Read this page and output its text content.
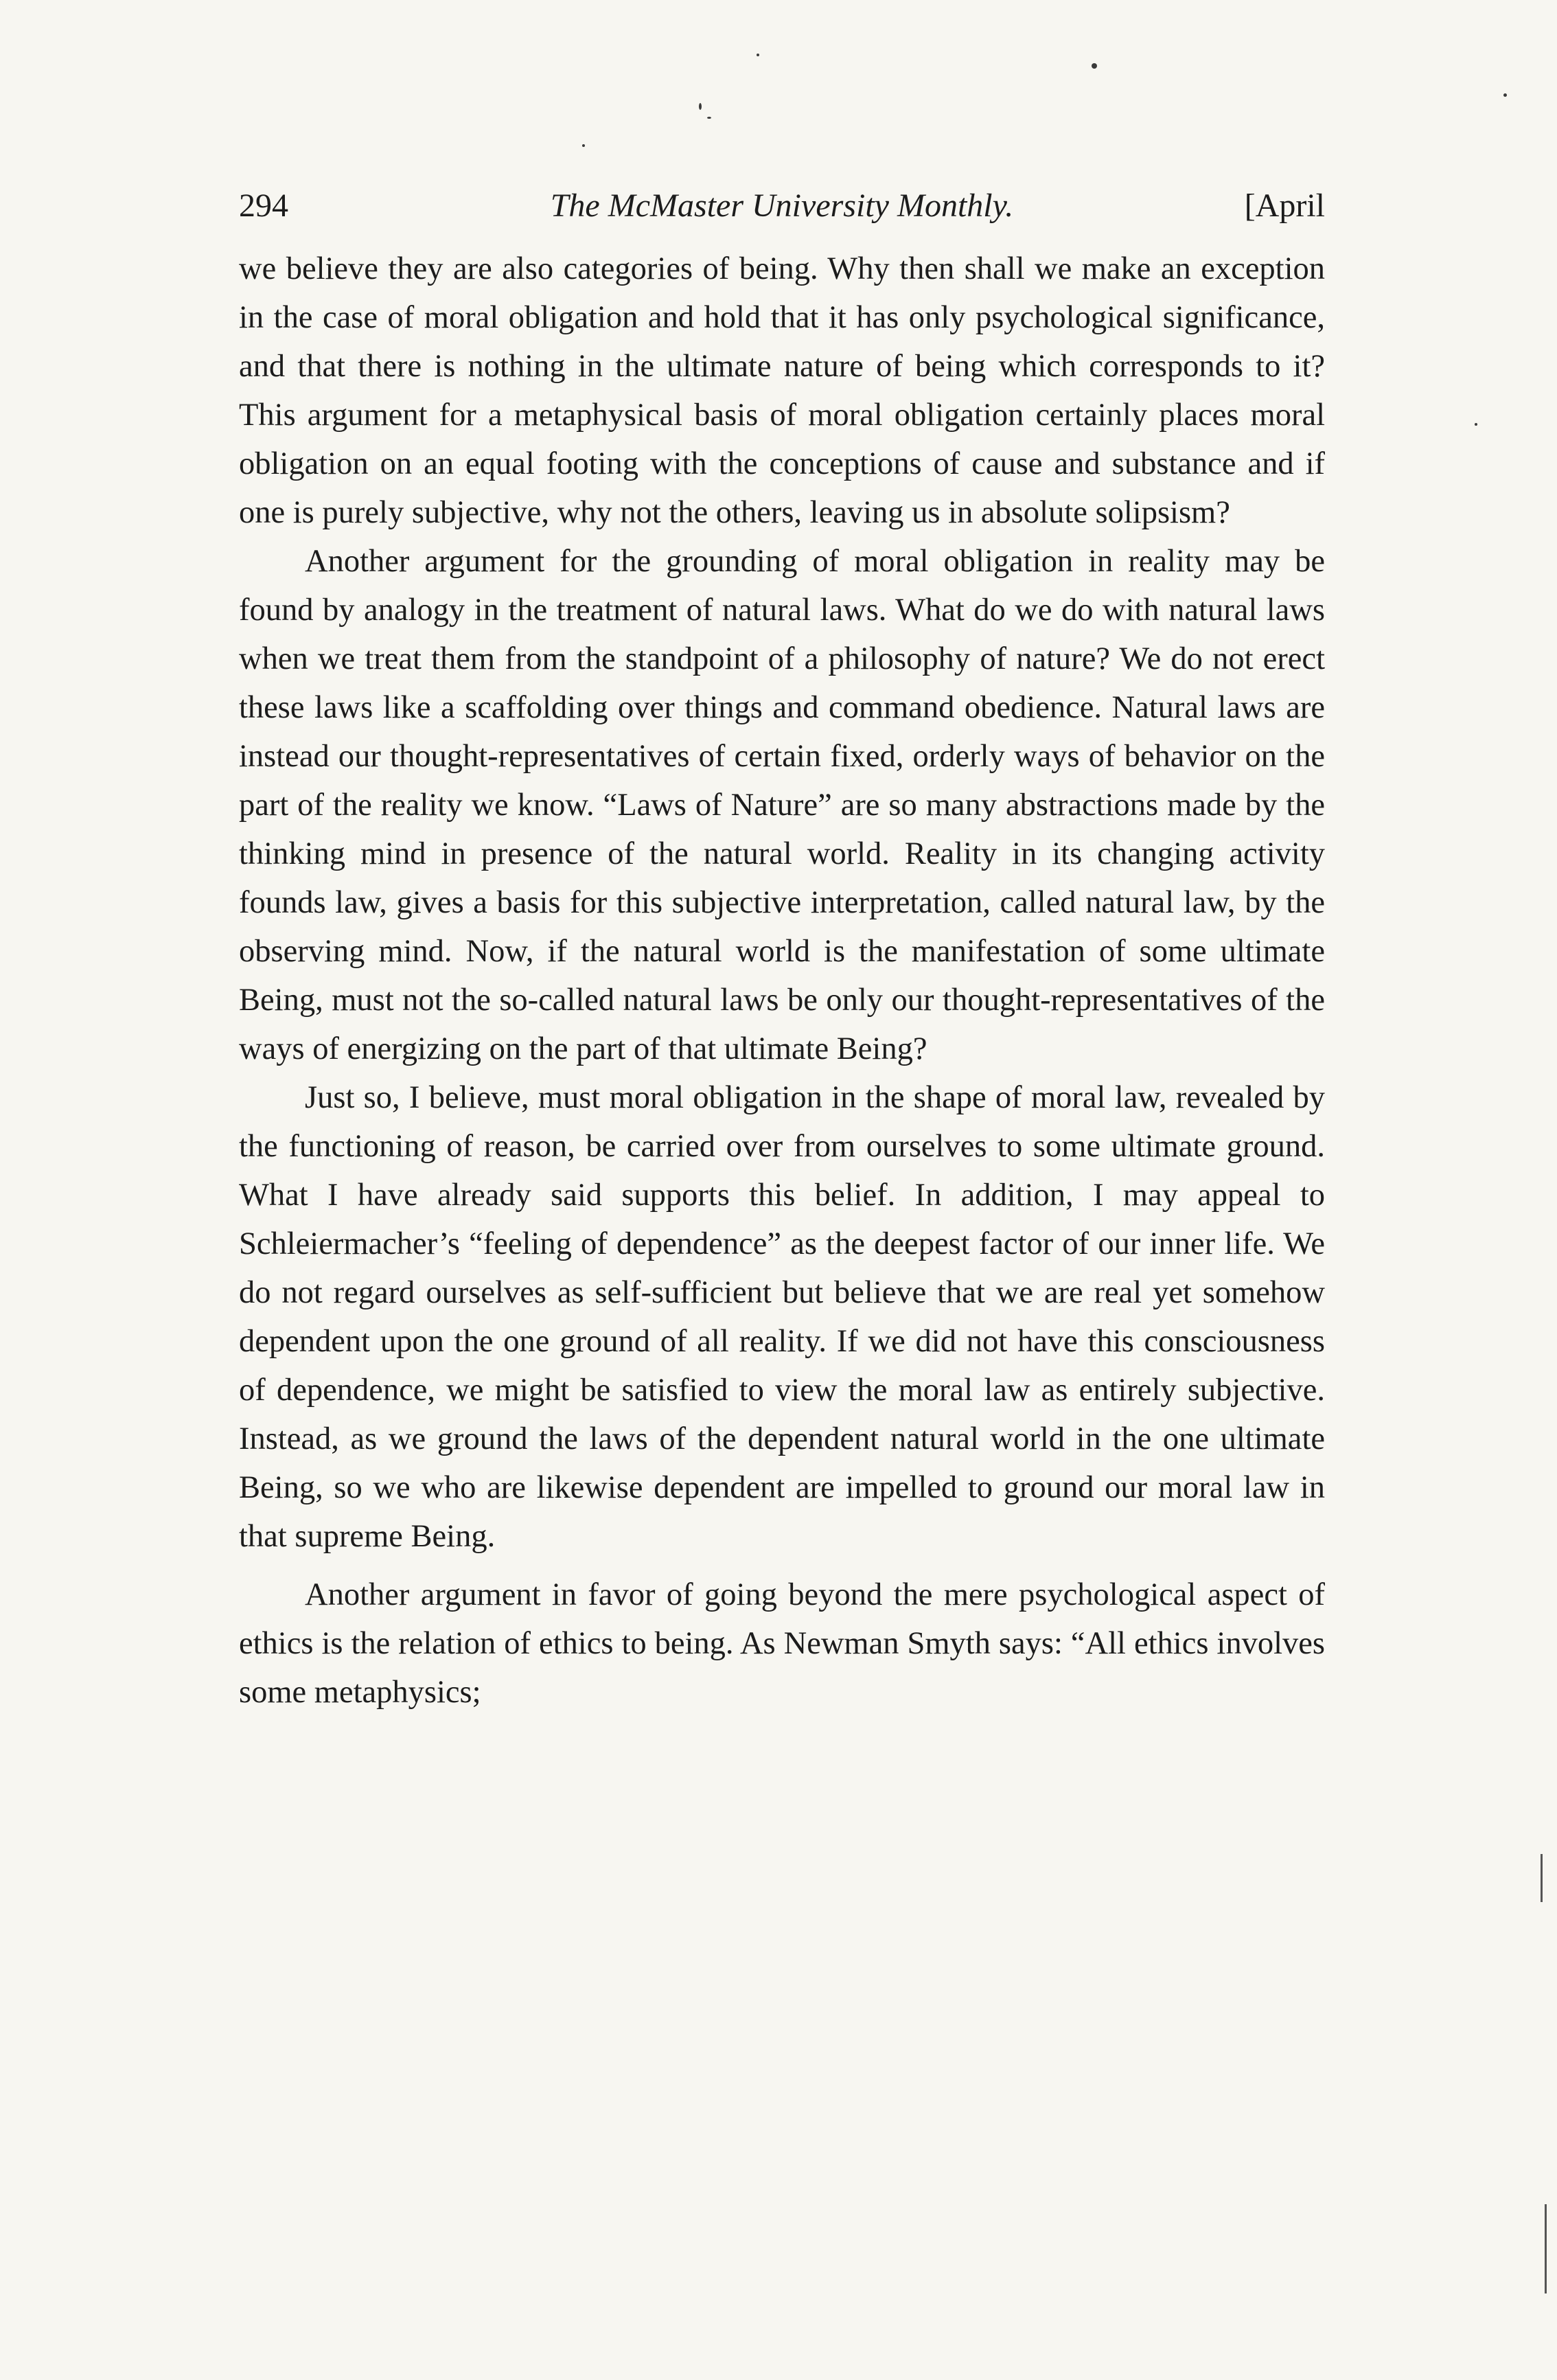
294	The McMaster University Monthly.	[April

we believe they are also categories of being. Why then shall we make an exception in the case of moral obligation and hold that it has only psychological significance, and that there is nothing in the ultimate nature of being which corresponds to it? This argument for a metaphysical basis of moral obligation certainly places moral obligation on an equal footing with the conceptions of cause and substance and if one is purely subjective, why not the others, leaving us in absolute solipsism?

Another argument for the grounding of moral obligation in reality may be found by analogy in the treatment of natural laws. What do we do with natural laws when we treat them from the standpoint of a philosophy of nature? We do not erect these laws like a scaffolding over things and command obedience. Natural laws are instead our thought-representatives of certain fixed, orderly ways of behavior on the part of the reality we know. “Laws of Nature” are so many abstractions made by the thinking mind in presence of the natural world. Reality in its changing activity founds law, gives a basis for this subjective interpretation, called natural law, by the observing mind. Now, if the natural world is the manifestation of some ultimate Being, must not the so-called natural laws be only our thought-representatives of the ways of energizing on the part of that ultimate Being?

Just so, I believe, must moral obligation in the shape of moral law, revealed by the functioning of reason, be carried over from ourselves to some ultimate ground. What I have already said supports this belief. In addition, I may appeal to Schleiermacher’s “feeling of dependence” as the deepest factor of our inner life. We do not regard ourselves as self-sufficient but believe that we are real yet somehow dependent upon the one ground of all reality. If we did not have this consciousness of dependence, we might be satisfied to view the moral law as entirely subjective. Instead, as we ground the laws of the dependent natural world in the one ultimate Being, so we who are likewise dependent are impelled to ground our moral law in that supreme Being.

Another argument in favor of going beyond the mere psychological aspect of ethics is the relation of ethics to being. As Newman Smyth says: “All ethics involves some metaphysics;
